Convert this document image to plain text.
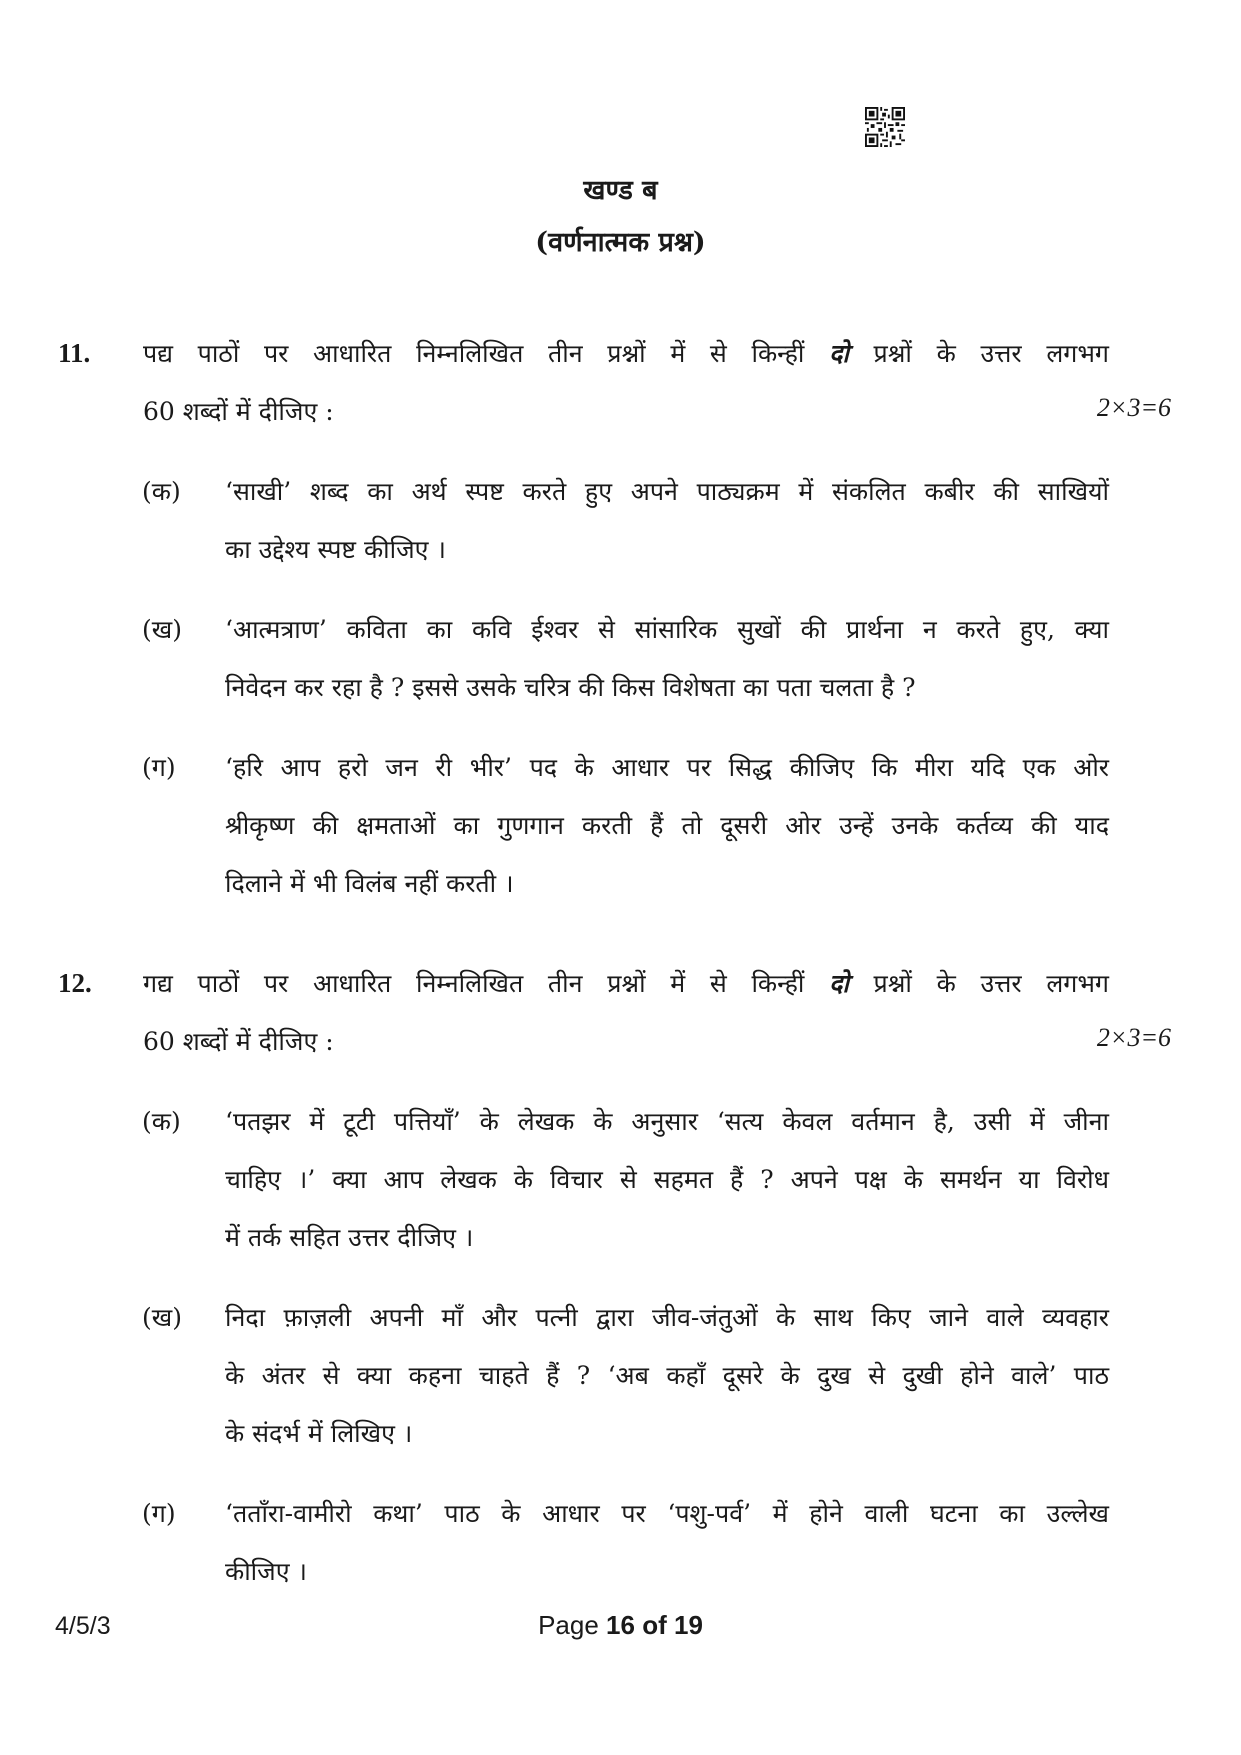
खण्ड ब
(वर्णनात्मक प्रश्न)
11. पद्य पाठों पर आधारित निम्नलिखित तीन प्रश्नों में से किन्हीं दो प्रश्नों के उत्तर लगभग
60 शब्दों में दीजिए :	2×3=6
(क) ‘साखी’ शब्द का अर्थ स्पष्ट करते हुए अपने पाठ्यक्रम में संकलित कबीर की साखियों
का उद्देश्य स्पष्ट कीजिए ।
(ख) ‘आत्मत्राण’ कविता का कवि ईश्वर से सांसारिक सुखों की प्रार्थना न करते हुए, क्या
निवेदन कर रहा है ? इससे उसके चरित्र की किस विशेषता का पता चलता है ?
(ग) ‘हरि आप हरो जन री भीर’ पद के आधार पर सिद्ध कीजिए कि मीरा यदि एक ओर
श्रीकृष्ण की क्षमताओं का गुणगान करती हैं तो दूसरी ओर उन्हें उनके कर्तव्य की याद
दिलाने में भी विलंब नहीं करती ।
12. गद्य पाठों पर आधारित निम्नलिखित तीन प्रश्नों में से किन्हीं दो प्रश्नों के उत्तर लगभग
60 शब्दों में दीजिए :	2×3=6
(क) ‘पतझर में टूटी पत्तियाँ’ के लेखक के अनुसार ‘सत्य केवल वर्तमान है, उसी में जीना
चाहिए ।’ क्या आप लेखक के विचार से सहमत हैं ? अपने पक्ष के समर्थन या विरोध
में तर्क सहित उत्तर दीजिए ।
(ख) निदा फ़ाज़ली अपनी माँ और पत्नी द्वारा जीव-जंतुओं के साथ किए जाने वाले व्यवहार
के अंतर से क्या कहना चाहते हैं ? ‘अब कहाँ दूसरे के दुख से दुखी होने वाले’ पाठ
के संदर्भ में लिखिए ।
(ग) ‘तताँरा-वामीरो कथा’ पाठ के आधार पर ‘पशु-पर्व’ में होने वाली घटना का उल्लेख
कीजिए ।
4/5/3	Page 16 of 19
